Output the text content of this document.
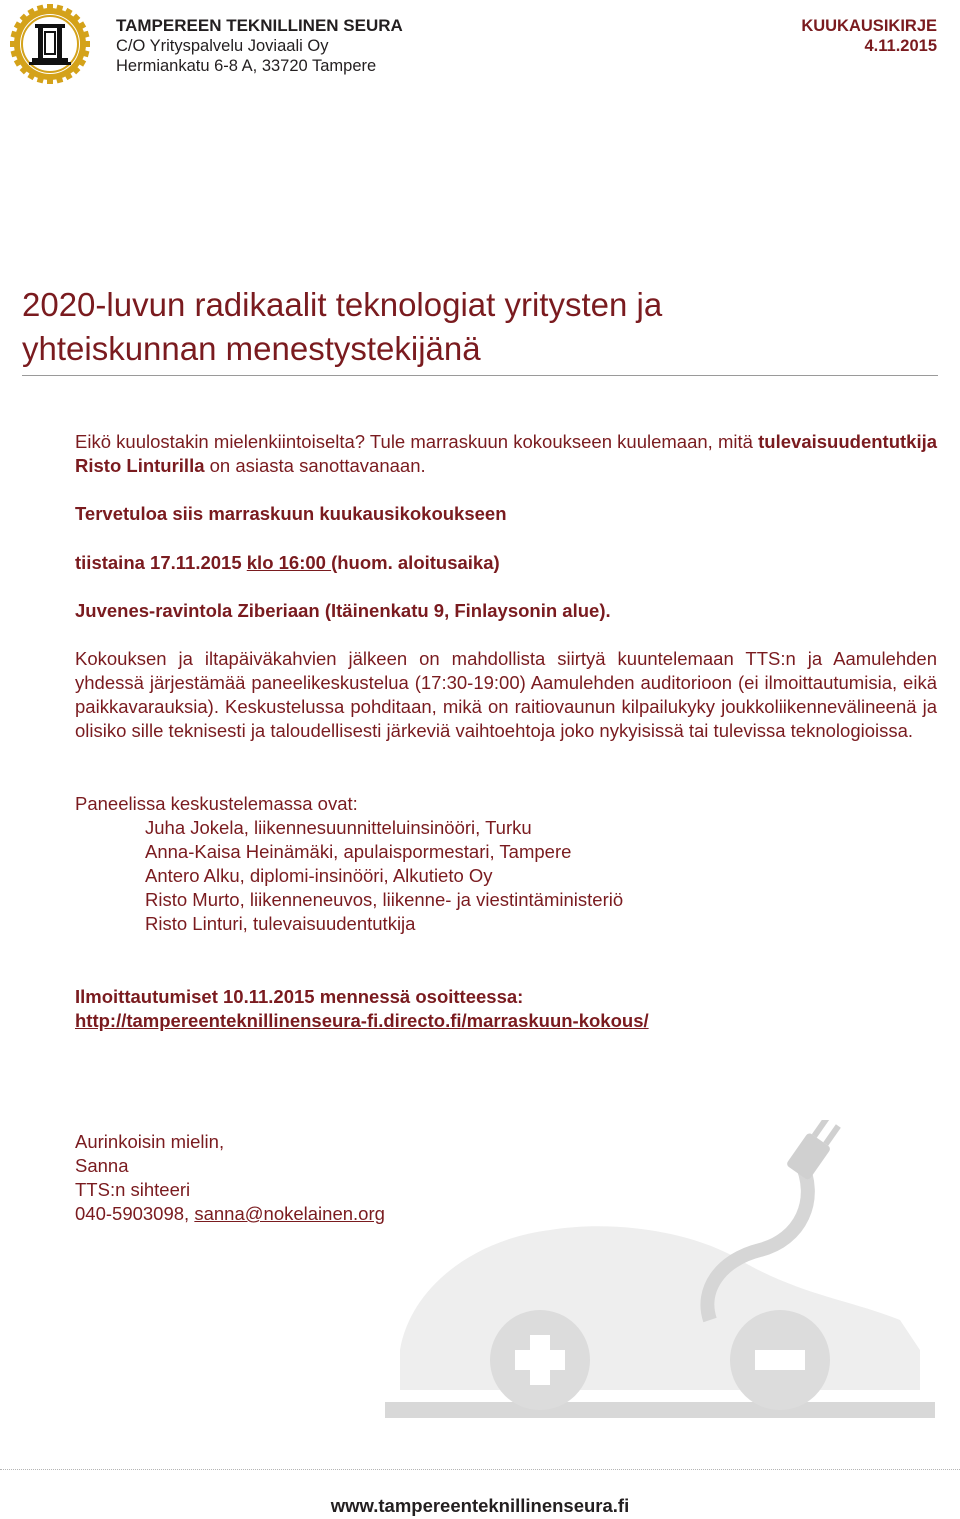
TAMPEREEN TEKNILLINEN SEURA
C/O Yrityspalvelu Joviaali Oy
Hermiankatu 6-8 A, 33720 Tampere
KUUKAUSIKIRJE
4.11.2015
2020-luvun radikaalit teknologiat yritysten ja
yhteiskunnan menestystekijänä
Eikö kuulostakin mielenkiintoiselta? Tule marraskuun kokoukseen kuulemaan, mitä tulevaisuudentutkija Risto Linturilla on asiasta sanottavanaan.
Tervetuloa siis marraskuun kuukausikokoukseen
tiistaina 17.11.2015 klo 16:00 (huom. aloitusaika)
Juvenes-ravintola Ziberiaan (Itäinenkatu 9, Finlaysonin alue).
Kokouksen ja iltapäiväkahvien jälkeen on mahdollista siirtyä kuuntelemaan TTS:n ja Aamulehden yhdessä järjestämää paneelikeskustelua (17:30-19:00) Aamulehden auditorioon (ei ilmoittautumisia, eikä paikkavarauksia). Keskustelussa pohditaan, mikä on raitiovaunun kilpailukyky joukkoliikennevälineenä ja olisiko sille teknisesti ja taloudellisesti järkeviä vaihtoehtoja joko nykyisissä tai tulevissa teknologioissa.
Paneelissa keskustelemassa ovat:
Juha Jokela, liikennesuunnitteluinsinööri, Turku
Anna-Kaisa Heinämäki, apulaispormestari, Tampere
Antero Alku, diplomi-insinööri, Alkutieto Oy
Risto Murto, liikenneneuvos, liikenne- ja viestintäministeriö
Risto Linturi, tulevaisuudentutkija
Ilmoittautumiset 10.11.2015 mennessä osoitteessa:
http://tampereenteknillinenseura-fi.directo.fi/marraskuun-kokous/
Aurinkoisin mielin,
Sanna
TTS:n sihteeri
040-5903098, sanna@nokelainen.org
www.tampereenteknillinenseura.fi
